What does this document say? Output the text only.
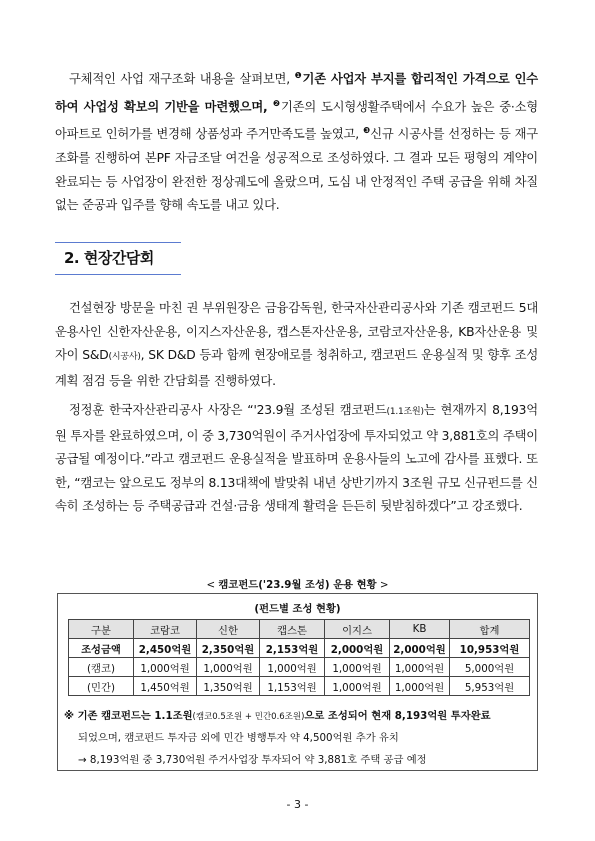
구체적인 사업 재구조화 내용을 살펴보면, $^❶$기존 사업자 부지를 합리적인 가격으로 인수하여 사업성 확보의 기반을 마련했으며, $^❷$기존의 도시형생활주택에서 수요가 높은 중·소형 아파트로 인허가를 변경해 상품성과 주거만족도를 높였고, $^❸$신규 시공사를 선정하는 등 재구조화를 진행하여 본PF 자금조달 여건을 성공적으로 조성하였다. 그 결과 모든 평형의 계약이 완료되는 등 사업장이 완전한 정상궤도에 올랐으며, 도심 내 안정적인 주택 공급을 위해 차질 없는 준공과 입주를 향해 속도를 내고 있다.

2. 현장간담회

건설현장 방문을 마친 권 부위원장은 금융감독원, 한국자산관리공사와 기존 캠코펀드 5대 운용사인 신한자산운용, 이지스자산운용, 캡스톤자산운용, 코람코자산운용, KB자산운용 및 자이 S&D(시공사), SK D&D 등과 함께 현장애로를 청취하고, 캠코펀드 운용실적 및 향후 조성계획 점검 등을 위한 간담회를 진행하였다.

정정훈 한국자산관리공사 사장은 “'23.9월 조성된 캠코펀드(1.1조원)는 현재까지 8,193억원 투자를 완료하였으며, 이 중 3,730억원이 주거사업장에 투자되었고 약 3,881호의 주택이 공급될 예정이다.”라고 캠코펀드 운용실적을 발표하며 운용사들의 노고에 감사를 표했다. 또한, “캠코는 앞으로도 정부의 8.13대책에 발맞춰 내년 상반기까지 3조원 규모 신규펀드를 신속히 조성하는 등 주택공급과 건설·금융 생태계 활력을 든든히 뒷받침하겠다”고 강조했다.

< 캠코펀드('23.9월 조성) 운용 현황 >
(펀드별 조성 현황)
구분	코람코	신한	캡스톤	이지스	KB	합계
조성금액	2,450억원	2,350억원	2,153억원	2,000억원	2,000억원	10,953억원
(캠코)	1,000억원	1,000억원	1,000억원	1,000억원	1,000억원	5,000억원
(민간)	1,450억원	1,350억원	1,153억원	1,000억원	1,000억원	5,953억원
※ 기존 캠코펀드는 1.1조원(캠코0.5조원 + 민간0.6조원)으로 조성되어 현재 8,193억원 투자완료
되었으며, 캠코펀드 투자금 외에 민간 병행투자 약 4,500억원 추가 유치
→ 8,193억원 중 3,730억원 주거사업장 투자되어 약 3,881호 주택 공급 예정
- 3 -
